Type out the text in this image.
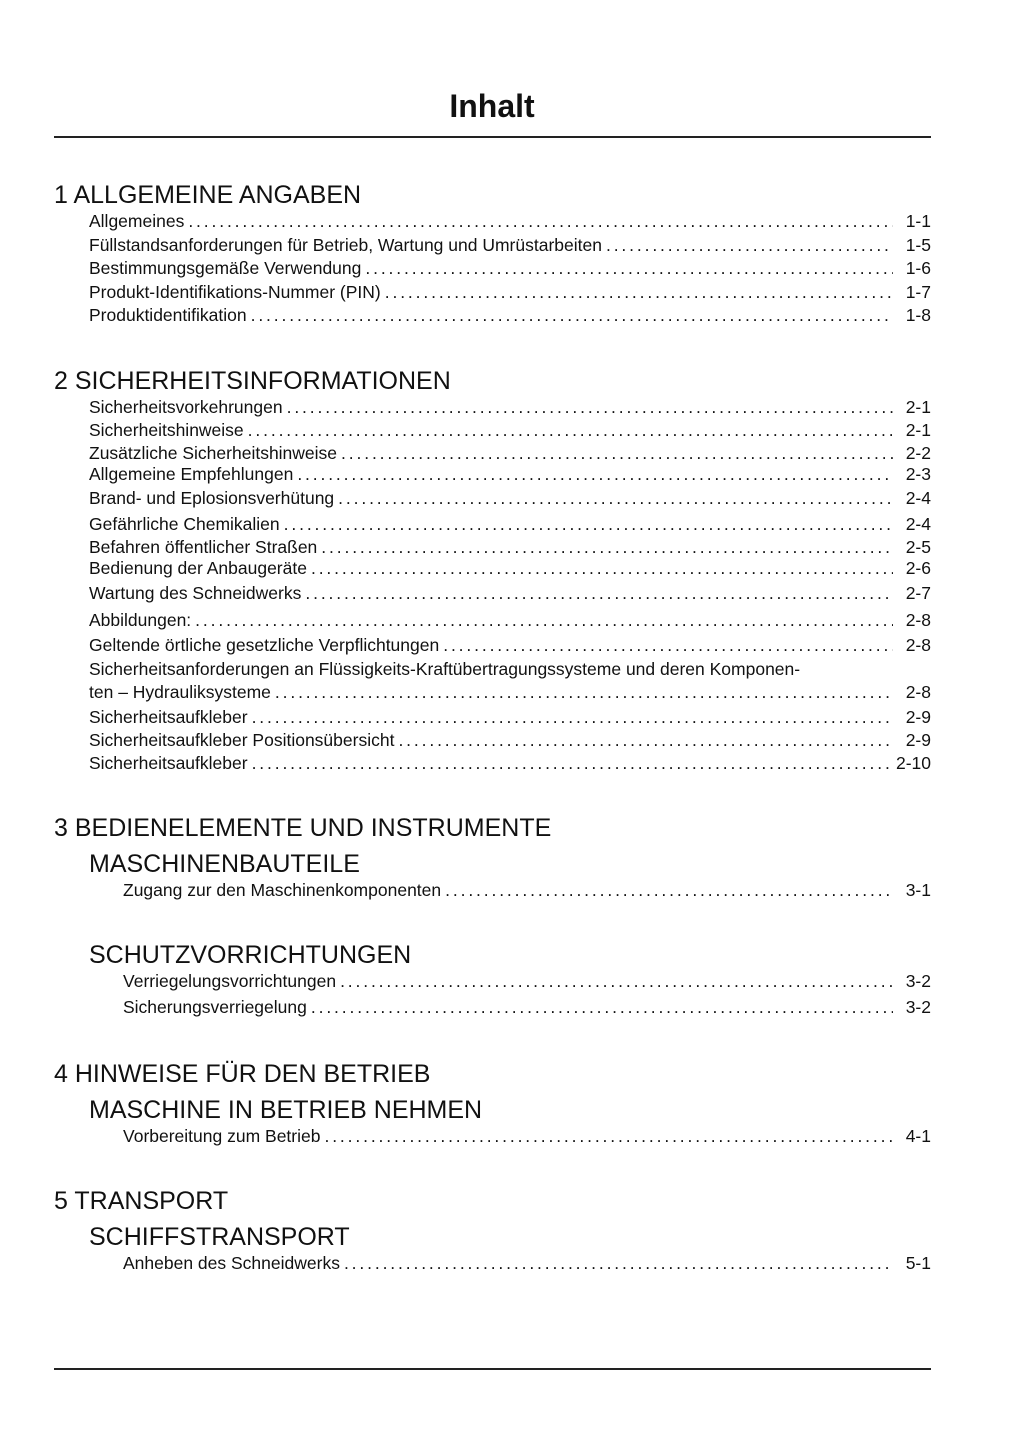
Inhalt
1 ALLGEMEINE ANGABEN
Allgemeines . . .	1-1
Füllstandsanforderungen für Betrieb, Wartung und Umrüstarbeiten . . .	1-5
Bestimmungsgemäße Verwendung . . .	1-6
Produkt-Identifikations-Nummer (PIN) . . .	1-7
Produktidentifikation . . .	1-8
2 SICHERHEITSINFORMATIONEN
Sicherheitsvorkehrungen . . .	2-1
Sicherheitshinweise . . .	2-1
Zusätzliche Sicherheitshinweise . . .	2-2
Allgemeine Empfehlungen . . .	2-3
Brand- und Eplosionsverhütung . . .	2-4
Gefährliche Chemikalien . . .	2-4
Befahren öffentlicher Straßen . . .	2-5
Bedienung der Anbaugeräte . . .	2-6
Wartung des Schneidwerks . . .	2-7
Abbildungen: . . .	2-8
Geltende örtliche gesetzliche Verpflichtungen . . .	2-8
Sicherheitsanforderungen an Flüssigkeits-Kraftübertragungssysteme und deren Komponen-
ten – Hydrauliksysteme . . .	2-8
Sicherheitsaufkleber . . .	2-9
Sicherheitsaufkleber Positionsübersicht . . .	2-9
Sicherheitsaufkleber . . .	2-10
3 BEDIENELEMENTE UND INSTRUMENTE
MASCHINENBAUTEILE
Zugang zur den Maschinenkomponenten . . .	3-1
SCHUTZVORRICHTUNGEN
Verriegelungsvorrichtungen . . .	3-2
Sicherungsverriegelung . . .	3-2
4 HINWEISE FÜR DEN BETRIEB
MASCHINE IN BETRIEB NEHMEN
Vorbereitung zum Betrieb . . .	4-1
5 TRANSPORT
SCHIFFSTRANSPORT
Anheben des Schneidwerks . . .	5-1
